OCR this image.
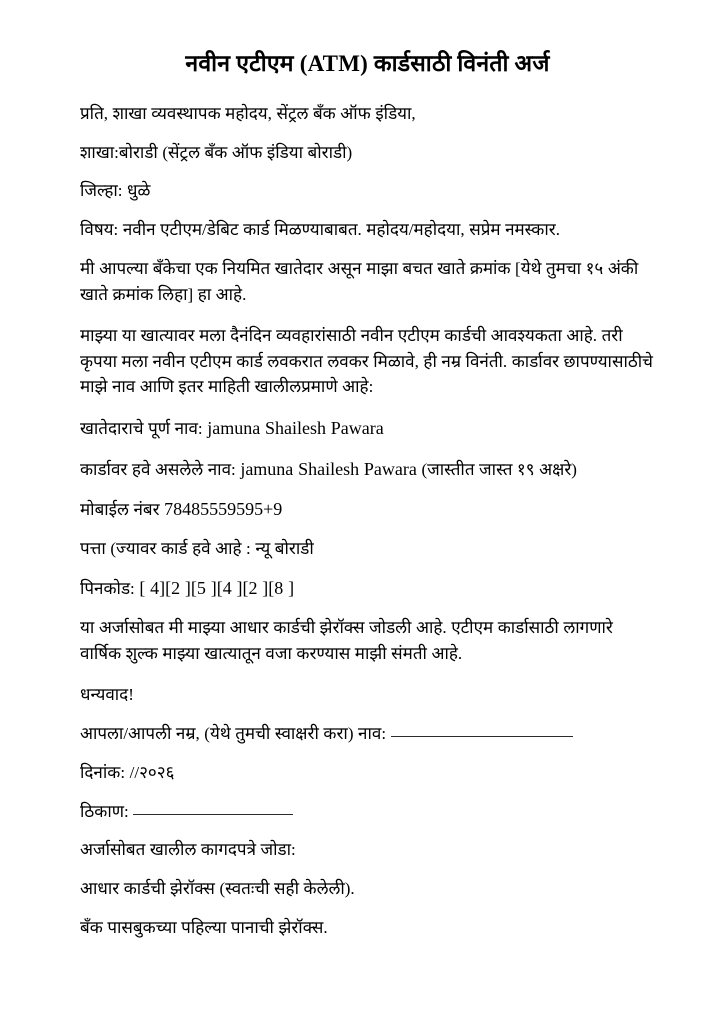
नवीन एटीएम (ATM) कार्डसाठी विनंती अर्ज

प्रति, शाखा व्यवस्थापक महोदय, सेंट्रल बँक ऑफ इंडिया,

शाखा:बोराडी (सेंट्रल बँक ऑफ इंडिया बोराडी)

जिल्हा: धुळे

विषय: नवीन एटीएम/डेबिट कार्ड मिळण्याबाबत. महोदय/महोदया, सप्रेम नमस्कार.

मी आपल्या बँकेचा एक नियमित खातेदार असून माझा बचत खाते क्रमांक [येथे तुमचा १५ अंकी खाते क्रमांक लिहा] हा आहे.

माझ्या या खात्यावर मला दैनंदिन व्यवहारांसाठी नवीन एटीएम कार्डची आवश्यकता आहे. तरी कृपया मला नवीन एटीएम कार्ड लवकरात लवकर मिळावे, ही नम्र विनंती. कार्डावर छापण्यासाठीचे माझे नाव आणि इतर माहिती खालीलप्रमाणे आहे:

खातेदाराचे पूर्ण नाव: jamuna Shailesh Pawara

कार्डावर हवे असलेले नाव: jamuna Shailesh Pawara (जास्तीत जास्त १९ अक्षरे)

मोबाईल नंबर 78485559595+9

पत्ता (ज्यावर कार्ड हवे आहे : न्यू बोराडी

पिनकोड: [ 4][2 ][5 ][4 ][2 ][8 ]

या अर्जासोबत मी माझ्या आधार कार्डची झेरॉक्स जोडली आहे. एटीएम कार्डासाठी लागणारे वार्षिक शुल्क माझ्या खात्यातून वजा करण्यास माझी संमती आहे.

धन्यवाद!

आपला/आपली नम्र, (येथे तुमची स्वाक्षरी करा) नाव:

दिनांक: //२०२६

ठिकाण:

अर्जासोबत खालील कागदपत्रे जोडा:

आधार कार्डची झेरॉक्स (स्वतःची सही केलेली).

बँक पासबुकच्या पहिल्या पानाची झेरॉक्स.
